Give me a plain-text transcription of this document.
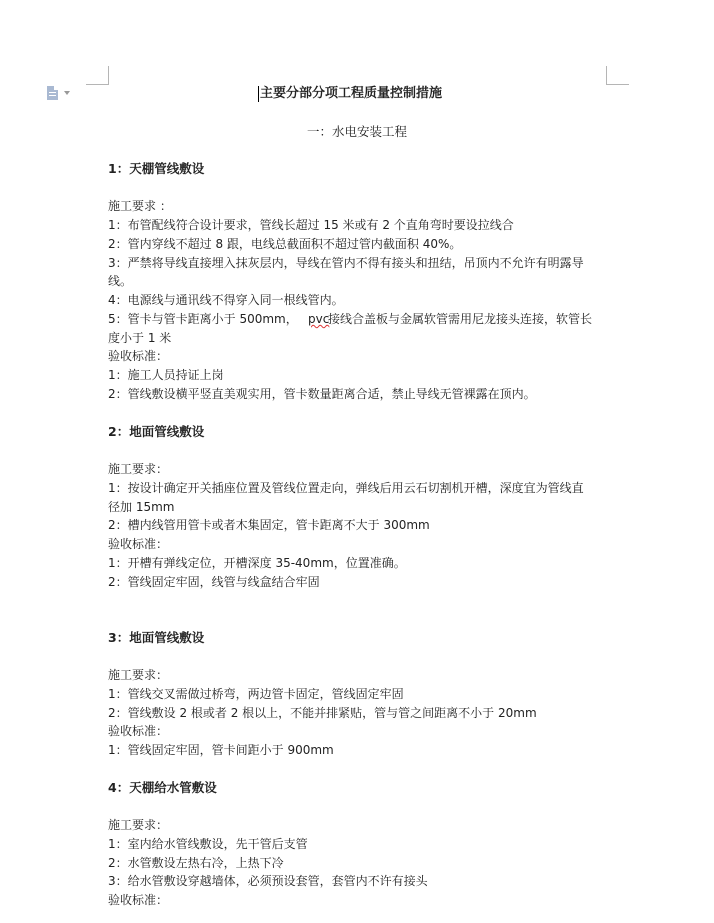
主要分部分项工程质量控制措施
一：水电安装工程
1：天棚管线敷设
施工要求 ：
1：布管配线符合设计要求，管线长超过 15 米或有 2 个直角弯时要设拉线合
2：管内穿线不超过 8 跟，电线总截面积不超过管内截面积 40%。
3：严禁将导线直接埋入抹灰层内，导线在管内不得有接头和扭结，吊顶内不允许有明露导
线。
4：电源线与通讯线不得穿入同一根线管内。
5：管卡与管卡距离小于 500mm， pvc
接线合盖板与金属软管需用尼龙接头连接，软管长
度小于 1 米
验收标准：
1：施工人员持证上岗
2：管线敷设横平竖直美观实用，管卡数量距离合适，禁止导线无管裸露在顶内。
2：地面管线敷设
施工要求：
1：按设计确定开关插座位置及管线位置走向，弹线后用云石切割机开槽，深度宜为管线直
径加 15mm
2：槽内线管用管卡或者木集固定，管卡距离不大于 300mm
验收标准：
1：开槽有弹线定位，开槽深度 35-40mm，位置准确。
2：管线固定牢固，线管与线盒结合牢固
3：地面管线敷设
施工要求：
1：管线交叉需做过桥弯，两边管卡固定，管线固定牢固
2：管线敷设 2 根或者 2 根以上，不能并排紧贴，管与管之间距离不小于 20mm
验收标准：
1：管线固定牢固，管卡间距小于 900mm
4：天棚给水管敷设
施工要求：
1：室内给水管线敷设，先干管后支管
2：水管敷设左热右冷，上热下冷
3：给水管敷设穿越墙体，必须预设套管，套管内不许有接头
验收标准：
